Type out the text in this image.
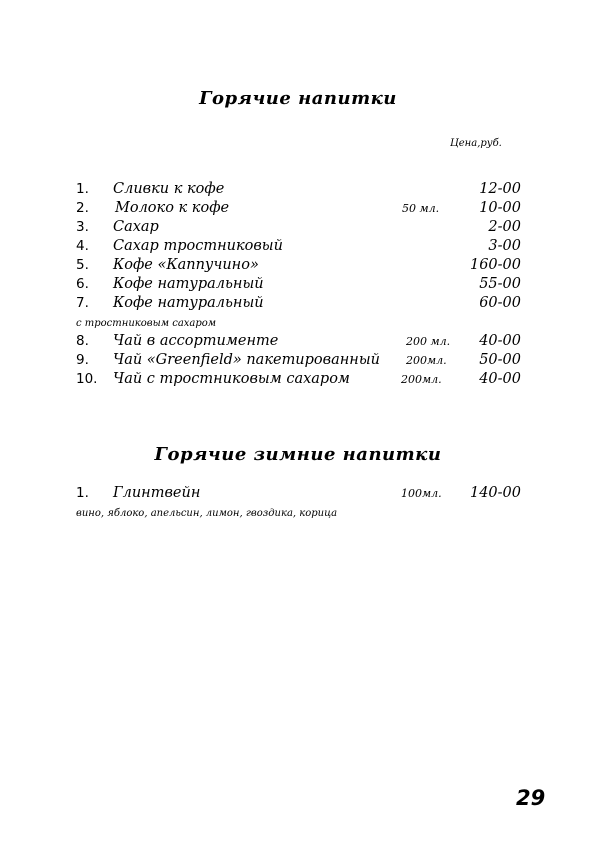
Горячие напитки
Цена,руб.
1. Сливки к кофе	12-00
2. Молоко к кофе	50 мл.	10-00
3. Сахар	2-00
4. Сахар тростниковый	3-00
5. Кофе «Каппучино»	160-00
6. Кофе натуральный	55-00
7. Кофе натуральный	60-00
с тростниковым сахаром
8. Чай в ассортименте	200 мл. 40-00
9. Чай «Greenfield» пакетированный 200мл. 50-00
10. Чай с тростниковым сахаром	200мл.	40-00
Горячие зимние напитки
1. Глинтвейн	100мл. 140-00
вино, яблоко, апельсин, лимон, гвоздика, корица
29
